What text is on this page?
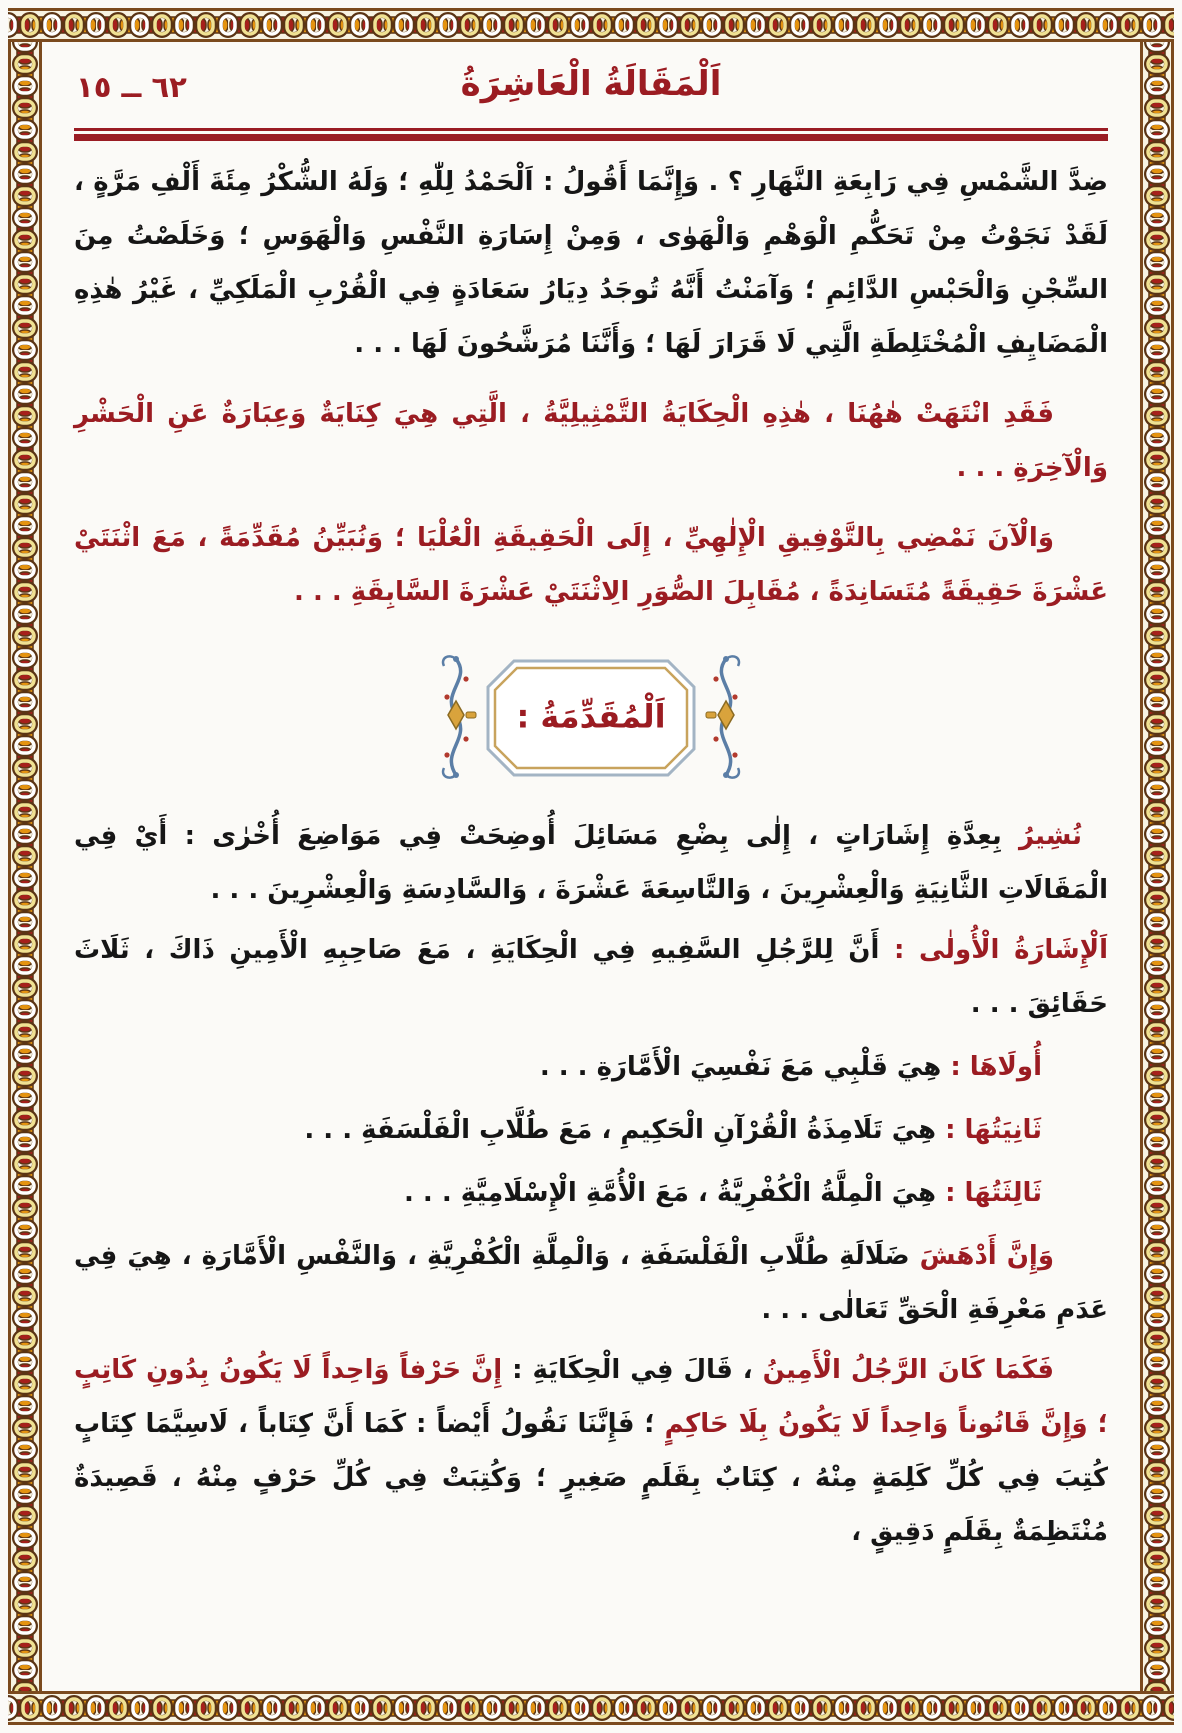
اَلْمَقَالَةُ الْعَاشِرَةُ
٦٢ ــ ١٥
ضِدَّ الشَّمْسِ فِي رَابِعَةِ النَّهَارِ ؟ . وَإِنَّمَا أَقُولُ : اَلْحَمْدُ لِلّٰهِ ؛ وَلَهُ الشُّكْرُ مِئَةَ أَلْفِ مَرَّةٍ ، لَقَدْ نَجَوْتُ مِنْ تَحَكُّمِ الْوَهْمِ وَالْهَوٰى ، وَمِنْ إِسَارَةِ النَّفْسِ وَالْهَوَسِ ؛ وَخَلَصْتُ مِنَ السِّجْنِ وَالْحَبْسِ الدَّائِمِ ؛ وَآمَنْتُ أَنَّهُ تُوجَدُ دِيَارُ سَعَادَةٍ فِي الْقُرْبِ الْمَلَكِيِّ ، غَيْرُ هٰذِهِ الْمَضَايِفِ الْمُخْتَلِطَةِ الَّتِي لَا قَرَارَ لَهَا ؛ وَأَنَّنَا مُرَشَّحُونَ لَهَا . . .
فَقَدِ انْتَهَتْ هٰهُنَا ، هٰذِهِ الْحِكَايَةُ التَّمْثِيلِيَّةُ ، الَّتِي هِيَ كِنَايَةٌ وَعِبَارَةٌ عَنِ الْحَشْرِ وَالْآخِرَةِ . . .
وَالْآنَ نَمْضِي بِالتَّوْفِيقِ الْإِلٰهِيِّ ، إِلَى الْحَقِيقَةِ الْعُلْيَا ؛ وَنُبَيِّنُ مُقَدِّمَةً ، مَعَ اثْنَتَيْ عَشْرَةَ حَقِيقَةً مُتَسَانِدَةً ، مُقَابِلَ الصُّوَرِ الِاثْنَتَيْ عَشْرَةَ السَّابِقَةِ . . .
اَلْمُقَدِّمَةُ :
نُشِيرُ بِعِدَّةِ إِشَارَاتٍ ، إِلٰى بِضْعِ مَسَائِلَ أُوضِحَتْ فِي مَوَاضِعَ أُخْرٰى : أَيْ فِي الْمَقَالَاتِ الثَّانِيَةِ وَالْعِشْرِينَ ، وَالتَّاسِعَةَ عَشْرَةَ ، وَالسَّادِسَةِ وَالْعِشْرِينَ . . .
اَلْإِشَارَةُ الْأُولٰى : أَنَّ لِلرَّجُلِ السَّفِيهِ فِي الْحِكَايَةِ ، مَعَ صَاحِبِهِ الْأَمِينِ ذَاكَ ، ثَلَاثَ حَقَائِقَ . . .
أُولَاهَا : هِيَ قَلْبِي مَعَ نَفْسِيَ الْأَمَّارَةِ . . .
ثَانِيَتُهَا : هِيَ تَلَامِذَةُ الْقُرْآنِ الْحَكِيمِ ، مَعَ طُلَّابِ الْفَلْسَفَةِ . . .
ثَالِثَتُهَا : هِيَ الْمِلَّةُ الْكُفْرِيَّةُ ، مَعَ الْأُمَّةِ الْإِسْلَامِيَّةِ . . .
وَإِنَّ أَدْهَشَ ضَلَالَةِ طُلَّابِ الْفَلْسَفَةِ ، وَالْمِلَّةِ الْكُفْرِيَّةِ ، وَالنَّفْسِ الْأَمَّارَةِ ، هِيَ فِي عَدَمِ مَعْرِفَةِ الْحَقِّ تَعَالٰى . . .
فَكَمَا كَانَ الرَّجُلُ الْأَمِينُ ، قَالَ فِي الْحِكَايَةِ : إِنَّ حَرْفاً وَاحِداً لَا يَكُونُ بِدُونِ كَاتِبٍ ؛ وَإِنَّ قَانُوناً وَاحِداً لَا يَكُونُ بِلَا حَاكِمٍ ؛ فَإِنَّنَا نَقُولُ أَيْضاً : كَمَا أَنَّ كِتَاباً ، لَاسِيَّمَا كِتَابٍ كُتِبَ فِي كُلِّ كَلِمَةٍ مِنْهُ ، كِتَابٌ بِقَلَمٍ صَغِيرٍ ؛ وَكُتِبَتْ فِي كُلِّ حَرْفٍ مِنْهُ ، قَصِيدَةٌ مُنْتَظِمَةٌ بِقَلَمٍ دَقِيقٍ ،
